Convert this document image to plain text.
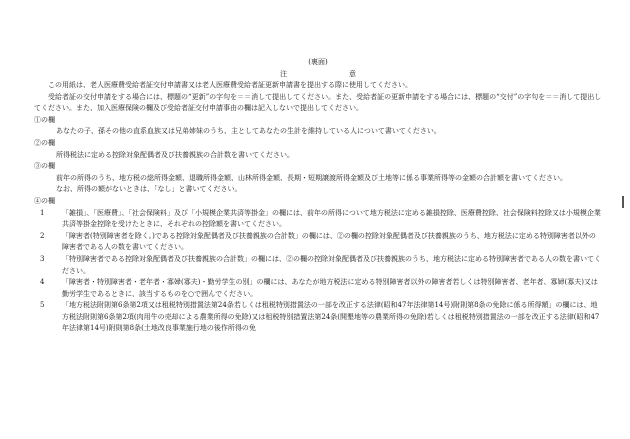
(裏面)
注意

この用紙は、老人医療費受給者証交付申請書又は老人医療費受給者証更新申請書を提出する際に使用してください。

受給者証の交付申請をする場合には、標題の“更新”の字句を＝＝消して提出してください。また、受給者証の更新申請をする場合には、標題の“交付”の字句を＝＝消して提出してください。また、加入医療保険の欄及び受給者証交付申請事由の欄は記入しないで提出してください。

①の欄

あなたの子、孫その他の直系血族又は兄弟姉妹のうち、主としてあなたの生計を維持している人について書いてください。

②の欄

所得税法に定める控除対象配偶者及び扶養親族の合計数を書いてください。

③の欄

前年の所得のうち、地方税の総所得金額、退職所得金額、山林所得金額、長期・短期譲渡所得金額及び土地等に係る事業所得等の金額の合計額を書いてください。

なお、所得の額がないときは、「なし」と書いてください。

④の欄

1	「雑損」、「医療費」、「社会保険料」及び「小規模企業共済等掛金」の欄には、前年の所得について地方税法に定める雑損控除、医療費控除、社会保険料控除又は小規模企業共済等掛金控除を受けたときに、それぞれの控除額を書いてください。
2	「障害者(特別障害者を除く。)である控除対象配偶者及び扶養親族の合計数」の欄には、②の欄の控除対象配偶者及び扶養親族のうち、地方税法に定める特別障害者以外の障害者である人の数を書いてください。
3	「特別障害者である控除対象配偶者及び扶養親族の合計数」の欄には、②の欄の控除対象配偶者及び扶養親族のうち、地方税法に定める特別障害者である人の数を書いてください。
4	「障害者・特別障害者・老年者・寡婦(寡夫)・勤労学生の別」の欄には、あなたが地方税法に定める特別障害者以外の障害者若しくは特別障害者、老年者、寡婦(寡夫)又は勤労学生であるときに、該当するものを○で囲んでください。
5	「地方税法附則第6条第2項又は租税特別措置法第24条若しくは租税特別措置法の一部を改正する法律(昭和47年法律第14号)附則第8条の免除に係る所得額」の欄には、地方税法附則第6条第2項(肉用牛の売却による農業所得の免除)又は租税特別措置法第24条(開墾地等の農業所得の免除)若しくは租税特別措置法の一部を改正する法律(昭和47年法律第14号)附則第8条(土地改良事業施行地の後作所得の免
